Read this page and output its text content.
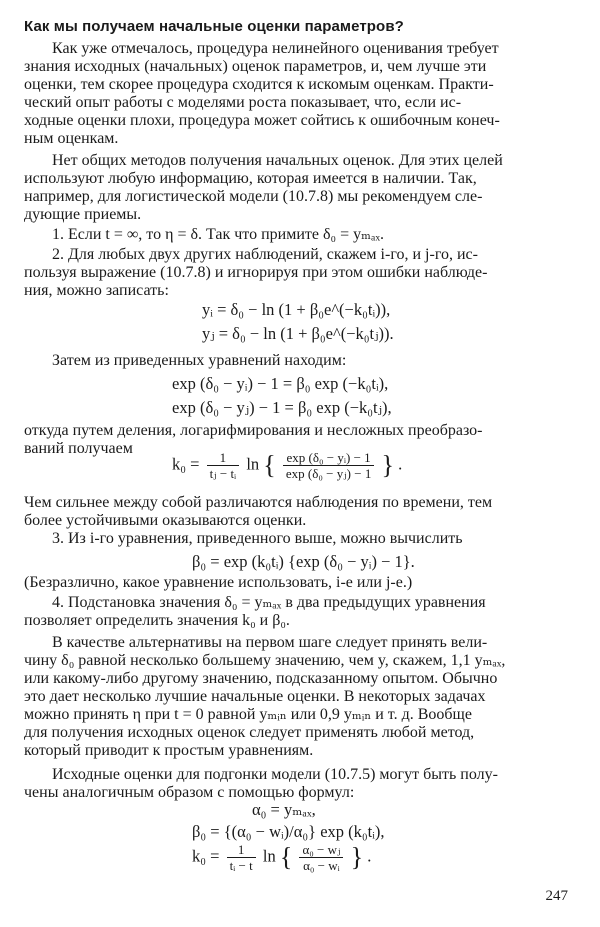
Как мы получаем начальные оценки параметров?
Как уже отмечалось, процедура нелинейного оценивания требует
знания исходных (начальных) оценок параметров, и, чем лучше эти
оценки, тем скорее процедура сходится к искомым оценкам. Практи-
ческий опыт работы с моделями роста показывает, что, если ис-
ходные оценки плохи, процедура может сойтись к ошибочным конеч-
ным оценкам.
Нет общих методов получения начальных оценок. Для этих целей
используют любую информацию, которая имеется в наличии. Так,
например, для логистической модели (10.7.8) мы рекомендуем сле-
дующие приемы.
1. Если t = ∞, то η = δ. Так что примите δ₀ = yₘₐₓ.
2. Для любых двух других наблюдений, скажем i-го, и j-го, ис-
пользуя выражение (10.7.8) и игнорируя при этом ошибки наблюде-
ния, можно записать:
yᵢ = δ₀ − ln (1 + β₀e^(−k₀tᵢ)),
yⱼ = δ₀ − ln (1 + β₀e^(−k₀tⱼ)).
Затем из приведенных уравнений находим:
exp (δ₀ − yᵢ) − 1 = β₀ exp (−k₀tᵢ),
exp (δ₀ − yⱼ) − 1 = β₀ exp (−k₀tⱼ),
откуда путем деления, логарифмирования и несложных преобразо-
ваний получаем
$k_0 = \frac{1}{\text{tⱼ − tᵢ}}$ ln { $\frac{\text{exp (δ₀ − yᵢ) − 1}}{\text{exp (δ₀ − yⱼ) − 1}}$ } .
Чем сильнее между собой различаются наблюдения по времени, тем
более устойчивыми оказываются оценки.
3. Из i-го уравнения, приведенного выше, можно вычислить
β₀ = exp (k₀tᵢ) {exp (δ₀ − yᵢ) − 1}.
(Безразлично, какое уравнение использовать, i-е или j-е.)
4. Подстановка значения δ₀ = yₘₐₓ в два предыдущих уравнения
позволяет определить значения k₀ и β₀.
В качестве альтернативы на первом шаге следует принять вели-
чину δ₀ равной несколько большему значению, чем y, скажем, 1,1 yₘₐₓ,
или какому-либо другому значению, подсказанному опытом. Обычно
это дает несколько лучшие начальные оценки. В некоторых задачах
можно принять η при t = 0 равной yₘᵢₙ или 0,9 yₘᵢₙ и т. д. Вообще
для получения исходных оценок следует применять любой метод,
который приводит к простым уравнениям.
Исходные оценки для подгонки модели (10.7.5) могут быть полу-
чены аналогичным образом с помощью формул:
α₀ = yₘₐₓ,
β₀ = {(α₀ − wᵢ)/α₀} exp (k₀tᵢ),
$k_0 = \frac{1}{\text{tᵢ − t}}$ ln { $\frac{\text{α₀ − wⱼ}}{\text{α₀ − wᵢ}}$ } .
247
